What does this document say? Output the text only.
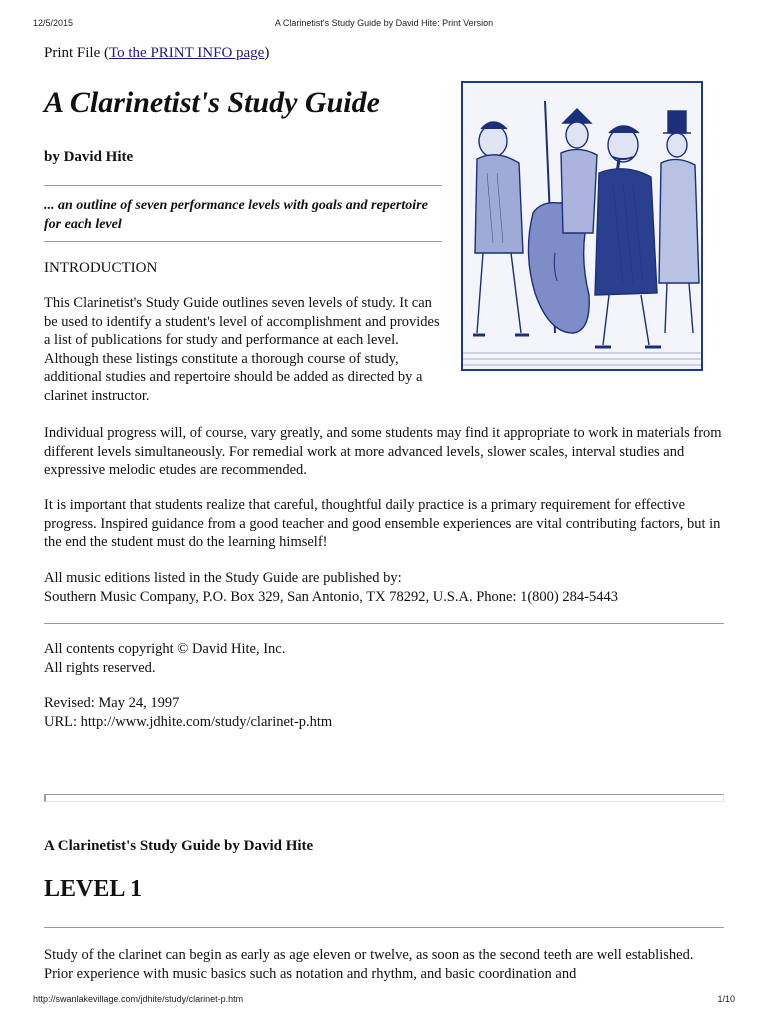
12/5/2015	A Clarinetist's Study Guide by David Hite: Print Version
Print File (To the PRINT INFO page)
A Clarinetist's Study Guide
by David Hite
... an outline of seven performance levels with goals and repertoire for each level
INTRODUCTION
This Clarinetist's Study Guide outlines seven levels of study. It can be used to identify a student's level of accomplishment and provides a list of publications for study and performance at each level. Although these listings constitute a thorough course of study, additional studies and repertoire should be added as directed by a clarinet instructor.
Individual progress will, of course, vary greatly, and some students may find it appropriate to work in materials from different levels simultaneously. For remedial work at more advanced levels, slower scales, interval studies and expressive melodic etudes are recommended.
It is important that students realize that careful, thoughtful daily practice is a primary requirement for effective progress. Inspired guidance from a good teacher and good ensemble experiences are vital contributing factors, but in the end the student must do the learning himself!
All music editions listed in the Study Guide are published by:
Southern Music Company, P.O. Box 329, San Antonio, TX 78292, U.S.A. Phone: 1(800) 284-5443
All contents copyright © David Hite, Inc.
All rights reserved.
Revised: May 24, 1997
URL: http://www.jdhite.com/study/clarinet-p.htm
A Clarinetist's Study Guide by David Hite
LEVEL 1
Study of the clarinet can begin as early as age eleven or twelve, as soon as the second teeth are well established. Prior experience with music basics such as notation and rhythm, and basic coordination and
http://swanlakevillage.com/jdhite/study/clarinet-p.htm	1/10
